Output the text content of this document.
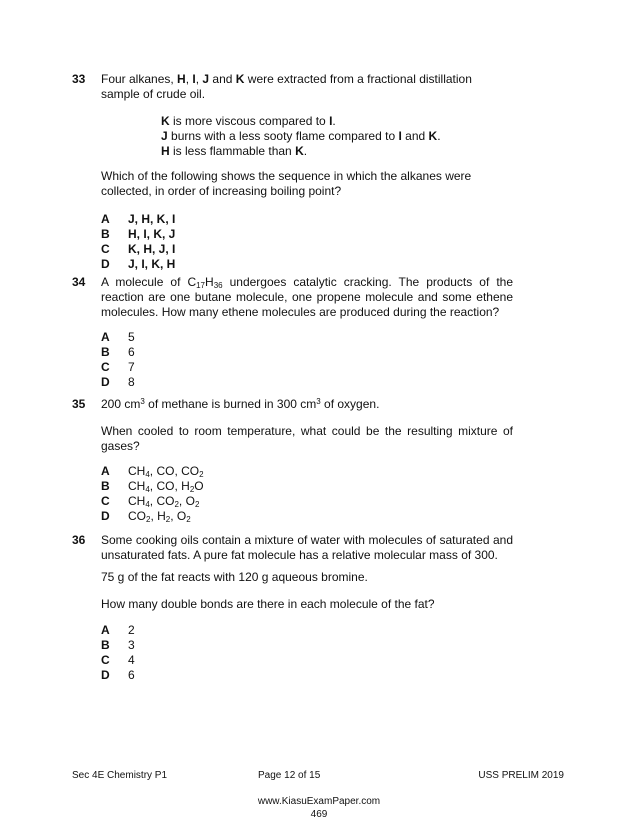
33 Four alkanes, H, I, J and K were extracted from a fractional distillation sample of crude oil.
K is more viscous compared to I.
J burns with a less sooty flame compared to I and K.
H is less flammable than K.
Which of the following shows the sequence in which the alkanes were collected, in order of increasing boiling point?
A J, H, K, I
B H, I, K, J
C K, H, J, I
D J, I, K, H
34 A molecule of $C_{17}H_{36}$ undergoes catalytic cracking. The products of the reaction are one butane molecule, one propene molecule and some ethene molecules. How many ethene molecules are produced during the reaction?
A 5
B 6
C 7
D 8
35 200 $cm^3$ of methane is burned in 300 $cm^3$ of oxygen.
When cooled to room temperature, what could be the resulting mixture of gases?
A $CH_4$, CO, $CO_2$
B $CH_4$, CO, $H_2O$
C $CH_4$, $CO_2$, $O_2$
D $CO_2$, $H_2$, $O_2$
36 Some cooking oils contain a mixture of water with molecules of saturated and unsaturated fats. A pure fat molecule has a relative molecular mass of 300.
75 g of the fat reacts with 120 g aqueous bromine.
How many double bonds are there in each molecule of the fat?
A 2
B 3
C 4
D 6
Sec 4E Chemistry P1	Page 12 of 15	USS PRELIM 2019
www.KiasuExamPaper.com
469
